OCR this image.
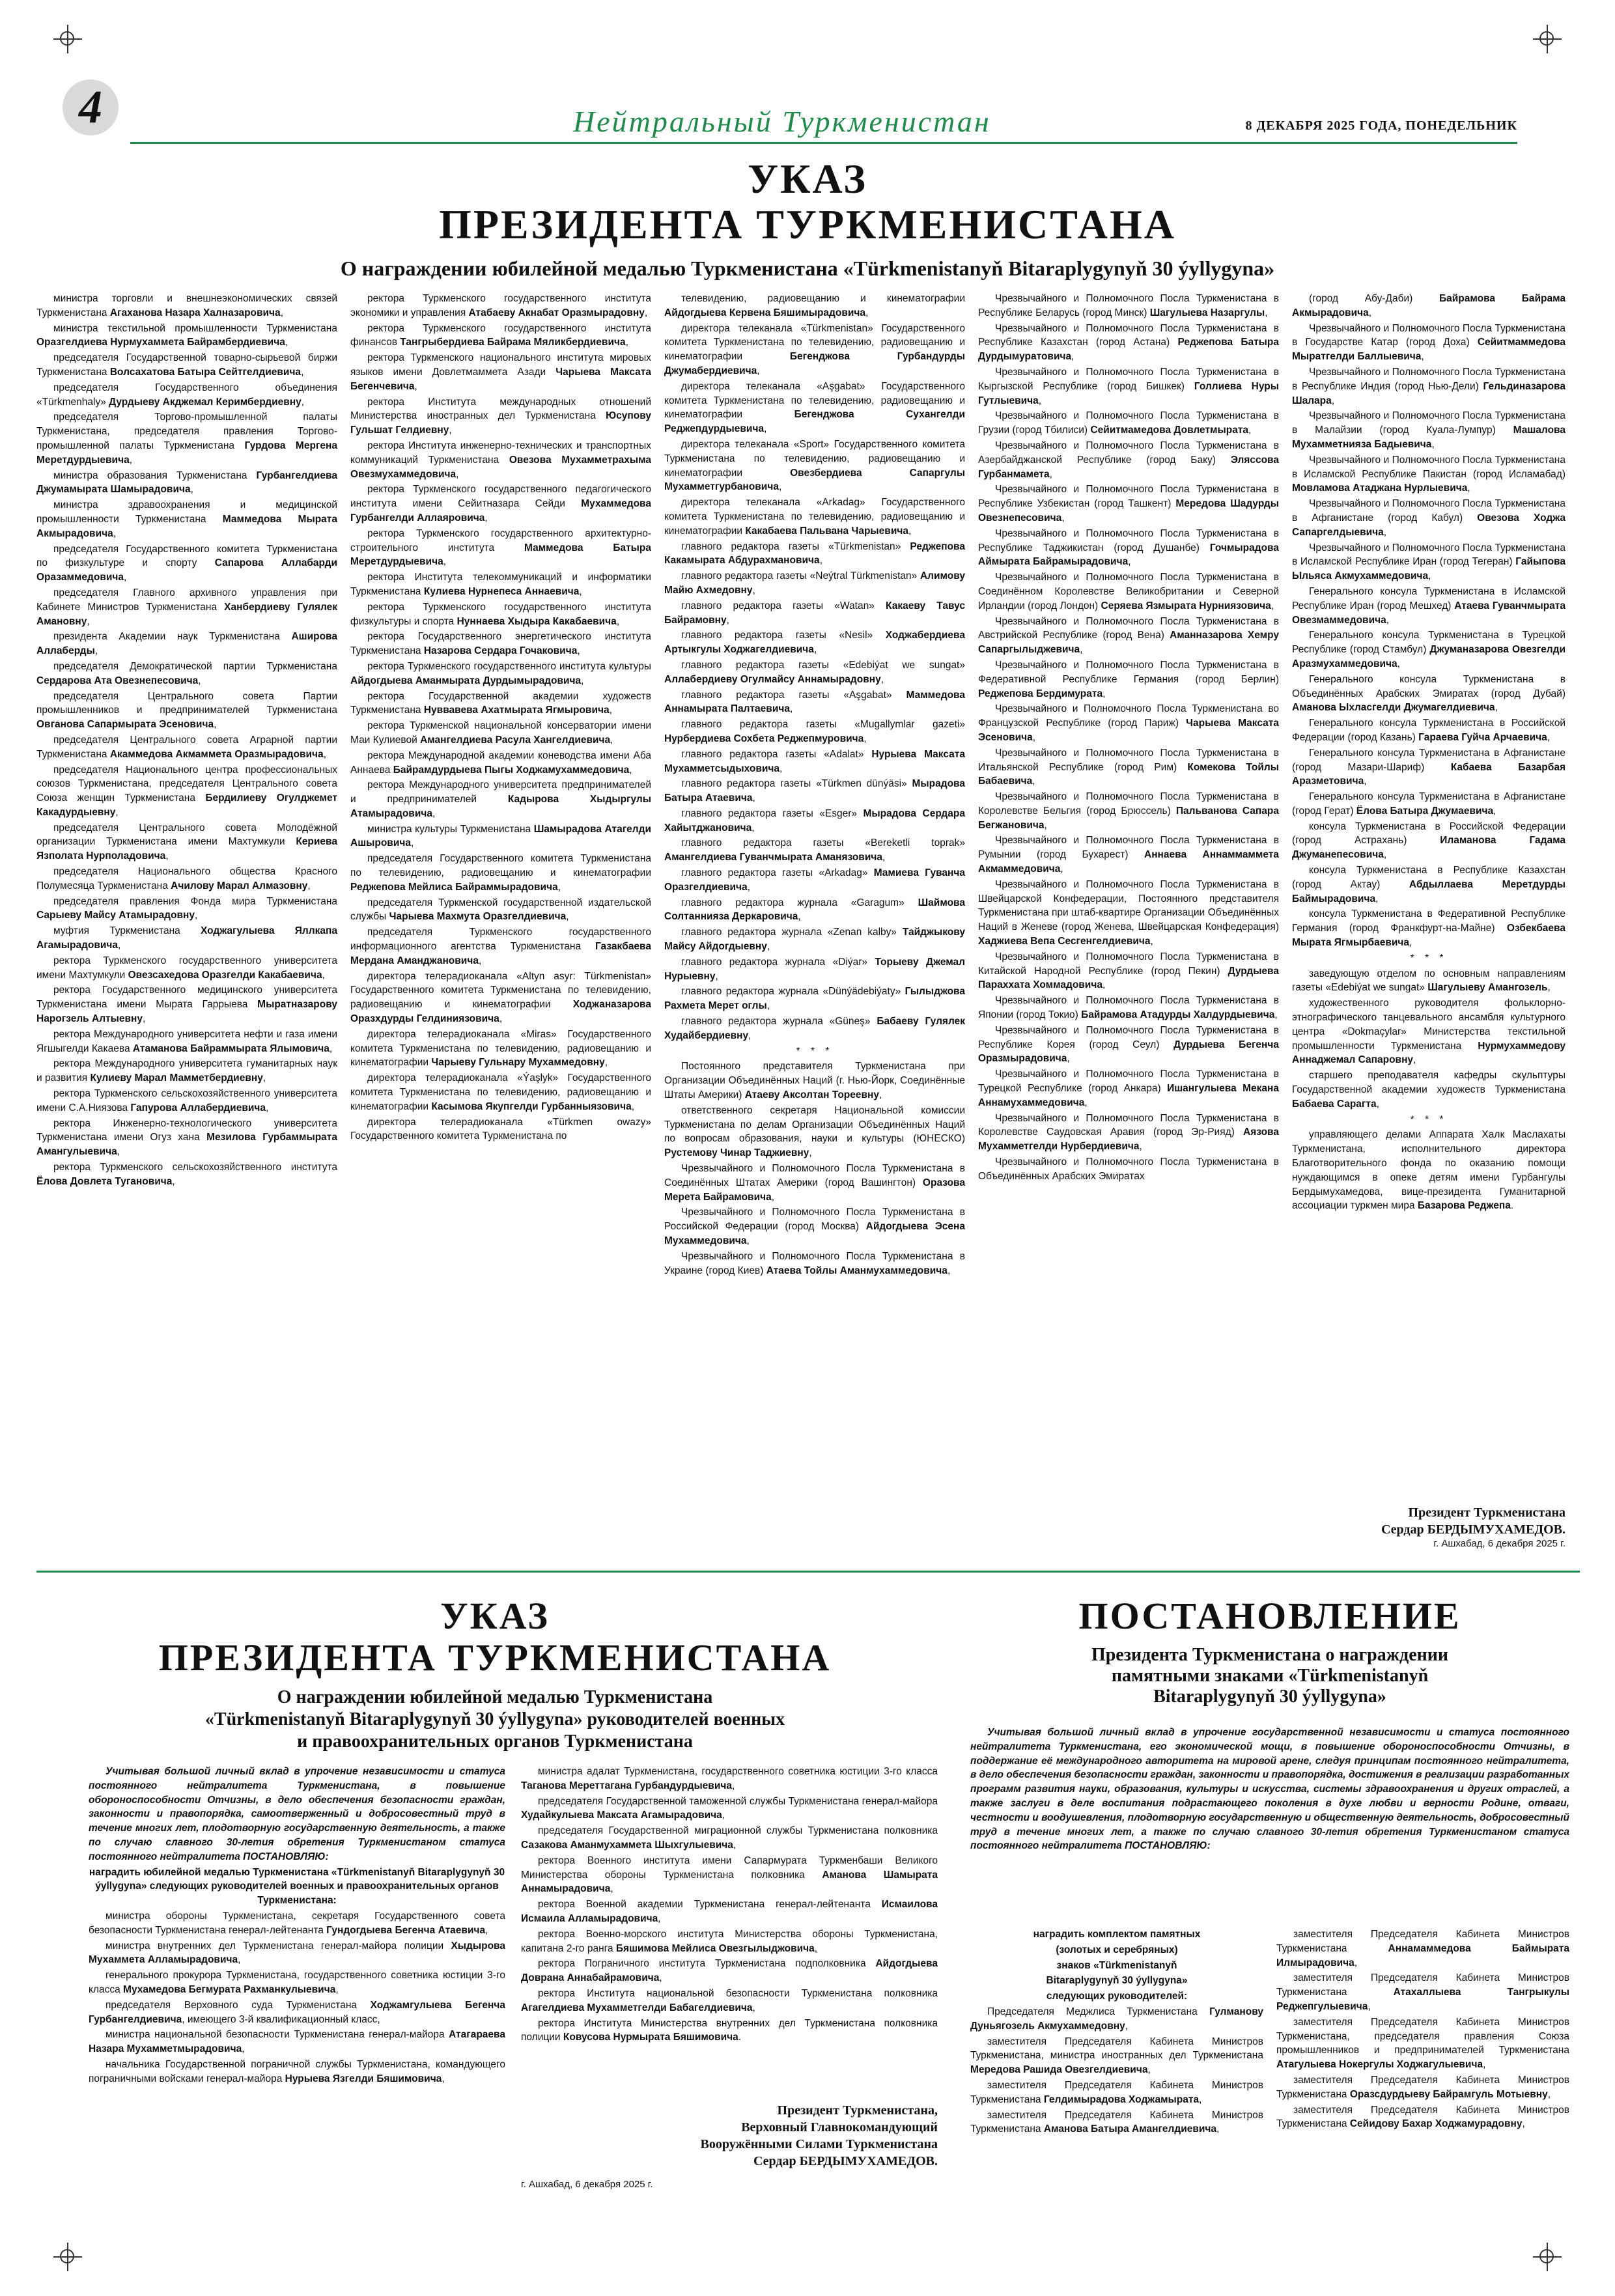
4	Нейтральный Туркменистан	8 ДЕКАБРЯ 2025 ГОДА, ПОНЕДЕЛЬНИК
УКАЗ
ПРЕЗИДЕНТА ТУРКМЕНИСТАНА
О награждении юбилейной медалью Туркменистана «Türkmenistanyň Bitaraplygynyň 30 ýyllygyna»

министра торговли и внешнеэкономических связей Туркменистана Агаханова Назара Халназаровича,

министра текстильной промышленности Туркменистана Оразгелдиева Нурмухаммета Байрамбердиевича,

председателя Государственной товарно-сырьевой биржи Туркменистана Волсахатова Батыра Сейтгелдиевича,

председателя Государственного объединения «Türkmenhaly» Дурдыеву Акджемал Керимбердиевну,

председателя Торгово-промышленной палаты Туркменистана, председателя правления Торгово-промышленной палаты Туркменистана Гурдова Мергена Меретдурдыевича,

министра образования Туркменистана Гурбангелдиева Джумамырата Шамырадовича,

министра здравоохранения и медицинской промышленности Туркменистана Маммедова Мырата Акмырадовича,

председателя Государственного комитета Туркменистана по физкультуре и спорту Сапарова Аллабарди Оразаммедовича,

председателя Главного архивного управления при Кабинете Министров Туркменистана Ханбердиеву Гулялек Амановну,

президента Академии наук Туркменистана Аширова Аллаберды,

председателя Демократической партии Туркменистана Сердарова Ата Овезнепесовича,

председателя Центрального совета Партии промышленников и предпринимателей Туркменистана Овганова Сапармырата Эсеновича,

председателя Центрального совета Аграрной партии Туркменистана Акаммедова Акмаммета Оразмырадовича,

председателя Национального центра профессиональных союзов Туркменистана, председателя Центрального совета Союза женщин Туркменистана Бердилиеву Огулджемет Какадурдыевну,

председателя Центрального совета Молодёжной организации Туркменистана имени Махтумкули Кериева Язполата Нурполадовича,

председателя Национального общества Красного Полумесяца Туркменистана Ачилову Марал Алмазовну,

председателя правления Фонда мира Туркменистана Сарыеву Майсу Атамырадовну,

муфтия Туркменистана Ходжагулыева Яллкапа Агамырадовича,

ректора Туркменского государственного университета имени Махтумкули Овезсахедова Оразгелди Какабаевича,

ректора Государственного медицинского университета Туркменистана имени Мырата Гаррыева Мыратназарову Нарогзель Алтыевну,

ректора Международного университета нефти и газа имени Ягшыгелди Какаева Атаманова Байраммырата Ялымовича,

ректора Международного университета гуманитарных наук и развития Кулиеву Марал Мамметбердиевну,

ректора Туркменского сельскохозяйственного университета имени С.А.Ниязова Гапурова Аллабердиевича,

ректора Инженерно-технологического университета Туркменистана имени Огуз хана Мезилова Гурбаммырата Амангулыевича,

ректора Туркменского сельскохозяйственного института Ёлова Довлета Тугановича,

ректора Туркменского государственного института экономики и управления Атабаеву Акнабат Оразмырадовну,

ректора Туркменского государственного института финансов Тангрыбердиева Байрама Мяликбердиевича,

ректора Туркменского национального института мировых языков имени Довлетмаммета Азади Чарыева Максата Бегенчевича,

ректора Института международных отношений Министерства иностранных дел Туркменистана Юсупову Гульшат Гелдиевну,

ректора Института инженерно-технических и транспортных коммуникаций Туркменистана Овезова Мухамметрахыма Овезмухаммедовича,

ректора Туркменского государственного педагогического института имени Сейитназара Сейди Мухаммедова Гурбангелди Аллаяровича,

ректора Туркменского государственного архитектурно-строительного института Маммедова Батыра Меретдурдыевича,

ректора Института телекоммуникаций и информатики Туркменистана Кулиева Нурнепеса Аннаевича,

ректора Туркменского государственного института физкультуры и спорта Нуннаева Хыдыра Какабаевича,

ректора Государственного энергетического института Туркменистана Назарова Сердара Гочаковича,

ректора Туркменского государственного института культуры Айдогдыева Аманмырата Дурдымырадовича,

ректора Государственной академии художеств Туркменистана Нуввавева Ахатмырата Ягмыровича,

ректора Туркменской национальной консерватории имени Маи Кулиевой Амангелдиева Расула Хангелдиевича,

ректора Международной академии коневодства имени Аба Аннаева Байрамдурдыева Пыгы Ходжамухаммедовича,

ректора Международного университета предпринимателей и предпринимателей Кадырова Хыдыргулы Атамырадовича,

министра культуры Туркменистана Шамырадова Атагелди Ашыровича,

председателя Государственного комитета Туркменистана по телевидению, радиовещанию и кинематографии Реджепова Мейлиса Байраммырадовича,

председателя Туркменской государственной издательской службы Чарыева Махмута Оразгелдиевича,

председателя Туркменского государственного информационного агентства Туркменистана Газакбаева Мердана Аманджановича,

директора телерадиоканала «Altyn asyr: Türkmenistan» Государственного комитета Туркменистана по телевидению, радиовещанию и кинематографии Ходжаназарова Оразхдурды Гелдиниязовича,

директора телерадиоканала «Miras» Государственного комитета Туркменистана по телевидению, радиовещанию и кинематографии Чарыеву Гульнару Мухаммедовну,

директора телерадиоканала «Ýaşlyk» Государственного комитета Туркменистана по телевидению, радиовещанию и кинематографии Касымова Якупгелди Гурбанныязовича,

директора телерадиоканала «Türkmen owazy» Государственного комитета Туркменистана по

телевидению, радиовещанию и кинематографии Айдогдыева Кервена Бяшимырадовича,

директора телеканала «Türkmenistan» Государственного комитета Туркменистана по телевидению, радиовещанию и кинематографии Бегенджова Гурбандурды Джумабердиевича,

директора телеканала «Aşgabat» Государственного комитета Туркменистана по телевидению, радиовещанию и кинематографии Бегенджова Сухангелди Реджепдурдыевича,

директора телеканала «Sport» Государственного комитета Туркменистана по телевидению, радиовещанию и кинематографии Овезбердиева Сапаргулы Мухамметгурбановича,

директора телеканала «Arkadag» Государственного комитета Туркменистана по телевидению, радиовещанию и кинематографии Какабаева Пальвана Чарыевича,

главного редактора газеты «Türkmenistan» Реджепова Какамырата Абдурахмановича,

главного редактора газеты «Neýtral Türkmenistan» Алимову Майю Ахмедовну,

главного редактора газеты «Watan» Какаеву Тавус Байрамовну,

главного редактора газеты «Nesil» Ходжабердиева Артыкгулы Ходжагелдиевича,

главного редактора газеты «Edebiýat we sungat» Аллабердиеву Огулмайсу Аннамырадовну,

главного редактора газеты «Aşgabat» Маммедова Аннамырата Палтаевича,

главного редактора газеты «Mugallymlar gazeti» Нурбердиева Сохбета Реджепмуровича,

главного редактора газеты «Adalat» Нурыева Максата Мухамметсыдыховича,

главного редактора газеты «Türkmen dünýäsi» Мырадова Батыра Атаевича,

главного редактора газеты «Esger» Мырадова Сердара Хайытджановича,

главного редактора газеты «Bereketli toprak» Амангелдиева Гуванчмырата Аманязовича,

главного редактора газеты «Arkadag» Мамиева Гуванча Оразгелдиевича,

главного редактора журнала «Garagum» Шаймова Солтаннияза Деркаровича,

главного редактора журнала «Zenan kalby» Тайджыкову Майсу Айдогдыевну,

главного редактора журнала «Diýar» Торыеву Джемал Нурыевну,

главного редактора журнала «Dünýädebiýaty» Гылыджова Рахмета Мерет оглы,

главного редактора журнала «Güneş» Бабаеву Гулялек Худайбердиевну,

* * *

Постоянного представителя Туркменистана при Организации Объединённых Наций (г. Нью-Йорк, Соединённые Штаты Америки) Атаеву Аксолтан Тореевну,

ответственного секретаря Национальной комиссии Туркменистана по делам Организации Объединённых Наций по вопросам образования, науки и культуры (ЮНЕСКО) Рустемову Чинар Таджиевну,

Чрезвычайного и Полномочного Посла Туркменистана в Соединённых Штатах Америки (город Вашингтон) Оразова Мерета Байрамовича,

Чрезвычайного и Полномочного Посла Туркменистана в Российской Федерации (город Москва) Айдогдыева Эсена Мухаммедовича,

Чрезвычайного и Полномочного Посла Туркменистана в Украине (город Киев) Атаева Тойлы Аманмухаммедовича,

Чрезвычайного и Полномочного Посла Туркменистана в Республике Беларусь (город Минск) Шагулыева Назаргулы,

Чрезвычайного и Полномочного Посла Туркменистана в Республике Казахстан (город Астана) Реджепова Батыра Дурдымуратовича,

Чрезвычайного и Полномочного Посла Туркменистана в Кыргызской Республике (город Бишкек) Голлиева Нуры Гутлыевича,

Чрезвычайного и Полномочного Посла Туркменистана в Грузии (город Тбилиси) Сейитмамедова Довлетмырата,

Чрезвычайного и Полномочного Посла Туркменистана в Азербайджанской Республике (город Баку) Эляссова Гурбанмамета,

Чрезвычайного и Полномочного Посла Туркменистана в Республике Узбекистан (город Ташкент) Мередова Шадурды Овезнепесовича,

Чрезвычайного и Полномочного Посла Туркменистана в Республике Таджикистан (город Душанбе) Гочмырадова Аймырата Байрамырадовича,

Чрезвычайного и Полномочного Посла Туркменистана в Соединённом Королевстве Великобритании и Северной Ирландии (город Лондон) Серяева Язмырата Нурниязовича,

Чрезвычайного и Полномочного Посла Туркменистана в Австрийской Республике (город Вена) Аманназарова Хемру Сапаргылыджевича,

Чрезвычайного и Полномочного Посла Туркменистана в Федеративной Республике Германия (город Берлин) Реджепова Бердимурата,

Чрезвычайного и Полномочного Посла Туркменистана во Французской Республике (город Париж) Чарыева Максата Эсеновича,

Чрезвычайного и Полномочного Посла Туркменистана в Итальянской Республике (город Рим) Комекова Тойлы Бабаевича,

Чрезвычайного и Полномочного Посла Туркменистана в Королевстве Бельгия (город Брюссель) Пальванова Сапара Бегжановича,

Чрезвычайного и Полномочного Посла Туркменистана в Румынии (город Бухарест) Аннаева Аннаммаммета Акмаммедовича,

Чрезвычайного и Полномочного Посла Туркменистана в Швейцарской Конфедерации, Постоянного представителя Туркменистана при штаб-квартире Организации Объединённых Наций в Женеве (город Женева, Швейцарская Конфедерация) Хаджиева Вепа Сесгенгелдиевича,

Чрезвычайного и Полномочного Посла Туркменистана в Китайской Народной Республике (город Пекин) Дурдыева Параххата Хоммадовича,

Чрезвычайного и Полномочного Посла Туркменистана в Японии (город Токио) Байрамова Атадурды Халдурдыевича,

Чрезвычайного и Полномочного Посла Туркменистана в Республике Корея (город Сеул) Дурдыева Бегенча Оразмырадовича,

Чрезвычайного и Полномочного Посла Туркменистана в Турецкой Республике (город Анкара) Ишангулыева Мекана Аннамухаммедовича,

Чрезвычайного и Полномочного Посла Туркменистана в Королевстве Саудовская Аравия (город Эр-Рияд) Аязова Мухамметгелди Нурбердиевича,

Чрезвычайного и Полномочного Посла Туркменистана в Объединённых Арабских Эмиратах

(город Абу-Даби) Байрамова Байрама Акмырадовича,

Чрезвычайного и Полномочного Посла Туркменистана в Государстве Катар (город Доха) Сейитмаммедова Мыратгелди Баллыевича,

Чрезвычайного и Полномочного Посла Туркменистана в Республике Индия (город Нью-Дели) Гельдиназарова Шалара,

Чрезвычайного и Полномочного Посла Туркменистана в Малайзии (город Куала-Лумпур) Машалова Мухамметнияза Бадыевича,

Чрезвычайного и Полномочного Посла Туркменистана в Исламской Республике Пакистан (город Исламабад) Мовламова Атаджана Нурлыевича,

Чрезвычайного и Полномочного Посла Туркменистана в Афганистане (город Кабул) Овезова Ходжа Сапаргелдыевича,

Чрезвычайного и Полномочного Посла Туркменистана в Исламской Республике Иран (город Тегеран) Гайыпова Ыльяса Акмухаммедовича,

Генерального консула Туркменистана в Исламской Республике Иран (город Мешхед) Атаева Гуванчмырата Овезмаммедовича,

Генерального консула Туркменистана в Турецкой Республике (город Стамбул) Джуманазарова Овезгелди Аразмухаммедовича,

Генерального консула Туркменистана в Объединённых Арабских Эмиратах (город Дубай) Аманова Ыхласгелди Джумагелдиевича,

Генерального консула Туркменистана в Российской Федерации (город Казань) Гараева Гуйча Арчаевича,

Генерального консула Туркменистана в Афганистане (город Мазари-Шариф) Кабаева Базарбая Аразметовича,

Генерального консула Туркменистана в Афганистане (город Герат) Ёлова Батыра Джумаевича,

консула Туркменистана в Российской Федерации (город Астрахань) Иламанова Гадама Джуманепесовича,

консула Туркменистана в Республике Казахстан (город Актау) Абдыллаева Меретдурды Баймырадовича,

консула Туркменистана в Федеративной Республике Германия (город Франкфурт-на-Майне) Озбекбаева Мырата Ягмырбаевича,

* * *

заведующую отделом по основным направлениям газеты «Edebiýat we sungat» Шагулыеву Амангозель,

художественного руководителя фольклорно-этнографического танцевального ансамбля культурного центра «Dokmaçylar» Министерства текстильной промышленности Туркменистана Нурмухаммедову Аннаджемал Сапаровну,

старшего преподавателя кафедры скульптуры Государственной академии художеств Туркменистана Бабаева Сарагта,

* * *

управляющего делами Аппарата Халк Маслахаты Туркменистана, исполнительного директора Благотворительного фонда по оказанию помощи нуждающимся в опеке детям имени Гурбангулы Бердымухамедова, вице-президента Гуманитарной ассоциации туркмен мира Базарова Реджепа.

Президент Туркменистана
Сердар БЕРДЫМУХАМЕДОВ.
г. Ашхабад, 6 декабря 2025 г.
УКАЗ
ПРЕЗИДЕНТА ТУРКМЕНИСТАНА
О награждении юбилейной медалью Туркменистана
«Türkmenistanyň Bitaraplygynyň 30 ýyllygyna» руководителей военных
и правоохранительных органов Туркменистана

Учитывая большой личный вклад в упрочение независимости и статуса постоянного нейтралитета Туркменистана, в повышение обороноспособности Отчизны, в дело обеспечения безопасности граждан, законности и правопорядка, самоотверженный и добросовестный труд в течение многих лет, плодотворную государственную деятельность, а также по случаю славного 30-летия обретения Туркменистаном статуса постоянного нейтралитета ПОСТАНОВЛЯЮ:

наградить юбилейной медалью Туркменистана «Türkmenistanyň Bitaraplygynyň 30 ýyllygyna» следующих руководителей военных и правоохранительных органов Туркменистана:

министра обороны Туркменистана, секретаря Государственного совета безопасности Туркменистана генерал-лейтенанта Гундогдыева Бегенча Атаевича,

министра внутренних дел Туркменистана генерал-майора полиции Хыдырова Мухаммета Алламырадовича,

генерального прокурора Туркменистана, государственного советника юстиции 3-го класса Мухамедова Бегмурата Рахманкулыевича,

председателя Верховного суда Туркменистана Ходжамгулыева Бегенча Гурбангелдиевича, имеющего 3-й квалификационный класс,

министра национальной безопасности Туркменистана генерал-майора Атагараева Назара Мухамметмырадовича,

начальника Государственной пограничной службы Туркменистана, командующего пограничными войсками генерал-майора Нурыева Язгелди Бяшимовича,

министра адалат Туркменистана, государственного советника юстиции 3-го класса Таганова Мереттагана Гурбандурдыевича,

председателя Государственной таможенной службы Туркменистана генерал-майора Худайкулыева Максата Агамырадовича,

председателя Государственной миграционной службы Туркменистана полковника Сазакова Аманмухаммета Шыхгулыевича,

ректора Военного института имени Сапармурата Туркменбаши Великого Министерства обороны Туркменистана полковника Аманова Шамырата Аннамырадовича,

ректора Военной академии Туркменистана генерал-лейтенанта Исмаилова Исмаила Алламырадовича,

ректора Военно-морского института Министерства обороны Туркменистана, капитана 2-го ранга Бяшимова Мейлиса Овезгылыджовича,

ректора Пограничного института Туркменистана подполковника Айдогдыева Доврана Аннабайрамовича,

ректора Института национальной безопасности Туркменистана полковника Агагелдиева Мухамметгелди Бабагелдиевича,

ректора Института Министерства внутренних дел Туркменистана полковника полиции Ковусова Нурмырата Бяшимовича.

Президент Туркменистана,
Верховный Главнокомандующий
Вооружёнными Силами Туркменистана
Сердар БЕРДЫМУХАМЕДОВ.
г. Ашхабад, 6 декабря 2025 г.
ПОСТАНОВЛЕНИЕ
Президента Туркменистана о награждении
памятными знаками «Türkmenistanyň
Bitaraplygynyň 30 ýyllygyna»

Учитывая большой личный вклад в упрочение государственной независимости и статуса постоянного нейтралитета Туркменистана, его экономической мощи, в повышение обороноспособности Отчизны, в поддержание её международного авторитета на мировой арене, следуя принципам постоянного нейтралитета, в дело обеспечения безопасности граждан, законности и правопорядка, достижения в реализации разработанных программ развития науки, образования, культуры и искусства, системы здравоохранения и других отраслей, а также заслуги в деле воспитания подрастающего поколения в духе любви и верности Родине, отваги, честности и воодушевления, плодотворную государственную и общественную деятельность, добросовестный труд в течение многих лет, а также по случаю славного 30-летия обретения Туркменистаном статуса постоянного нейтралитета ПОСТАНОВЛЯЮ:

наградить комплектом памятных

(золотых и серебряных)

знаков «Türkmenistanyň

Bitaraplygynyň 30 ýyllygyna»

следующих руководителей:

Председателя Меджлиса Туркменистана Гулманову Дуньягозель Акмухаммедовну,

заместителя Председателя Кабинета Министров Туркменистана, министра иностранных дел Туркменистана Мередова Рашида Овезгелдиевича,

заместителя Председателя Кабинета Министров Туркменистана Гелдимырадова Ходжамырата,

заместителя Председателя Кабинета Министров Туркменистана Аманова Батыра Амангелдиевича,

заместителя Председателя Кабинета Министров Туркменистана Аннамаммедова Баймырата Илмырадовича,

заместителя Председателя Кабинета Министров Туркменистана Атахаллыева Тангрыкулы Реджепгулыевича,

заместителя Председателя Кабинета Министров Туркменистана, председателя правления Союза промышленников и предпринимателей Туркменистана Атагулыева Нокергулы Ходжагулыевича,

заместителя Председателя Кабинета Министров Туркменистана Оразсдурдыеву Байрамгуль Мотыевну,

заместителя Председателя Кабинета Министров Туркменистана Сейидову Бахар Ходжамурадовну,
